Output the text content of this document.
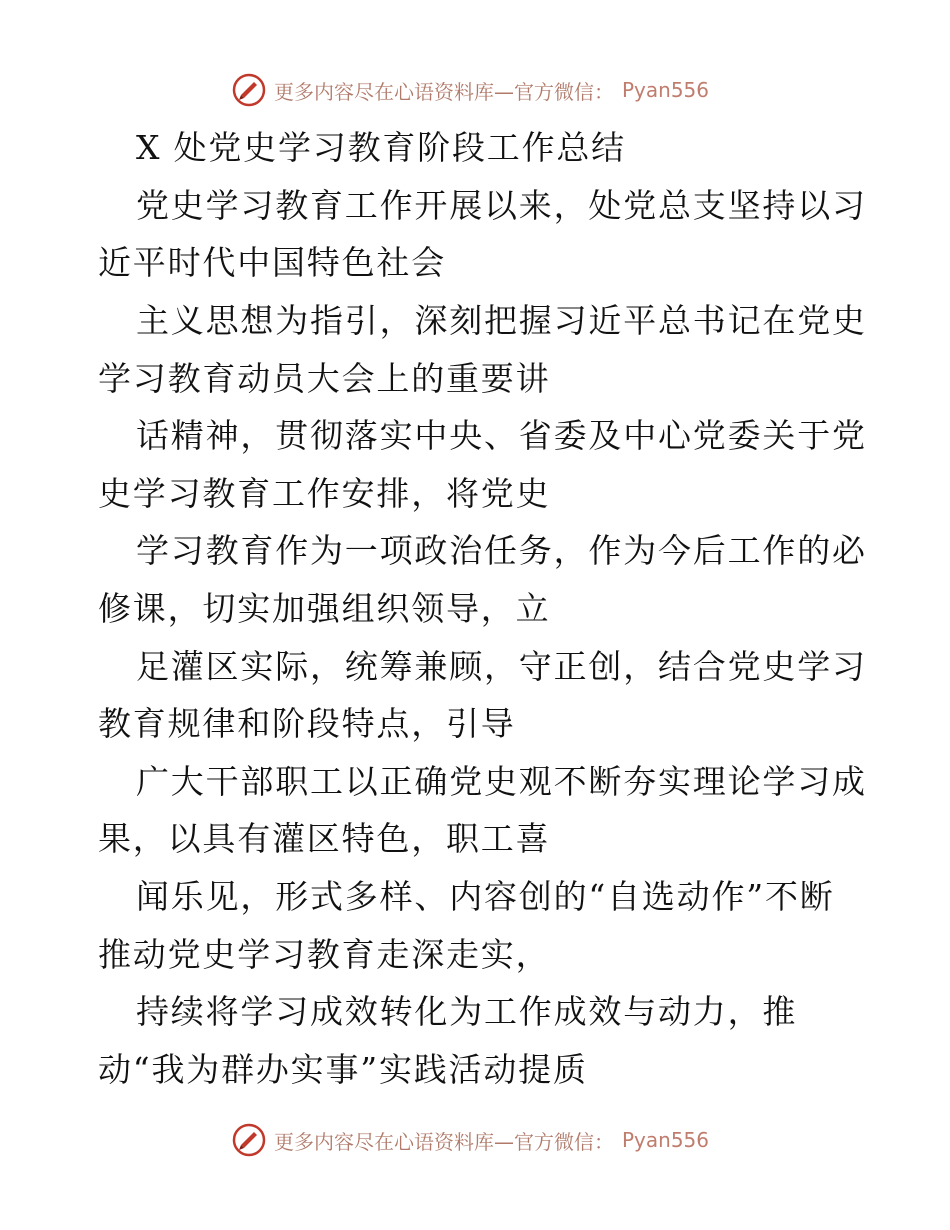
更多内容尽在心语资料库—官方微信： Pyan556
X 处党史学习教育阶段工作总结
党史学习教育工作开展以来，处党总支坚持以习
近平时代中国特色社会
主义思想为指引，深刻把握习近平总书记在党史
学习教育动员大会上的重要讲
话精神，贯彻落实中央、省委及中心党委关于党
史学习教育工作安排，将党史
学习教育作为一项政治任务，作为今后工作的必
修课，切实加强组织领导，立
足灌区实际，统筹兼顾，守正创，结合党史学习
教育规律和阶段特点，引导
广大干部职工以正确党史观不断夯实理论学习成
果，以具有灌区特色，职工喜
闻乐见，形式多样、内容创的“自选动作”不断
推动党史学习教育走深走实，
持续将学习成效转化为工作成效与动力，推
动“我为群办实事”实践活动提质
更多内容尽在心语资料库—官方微信： Pyan556
